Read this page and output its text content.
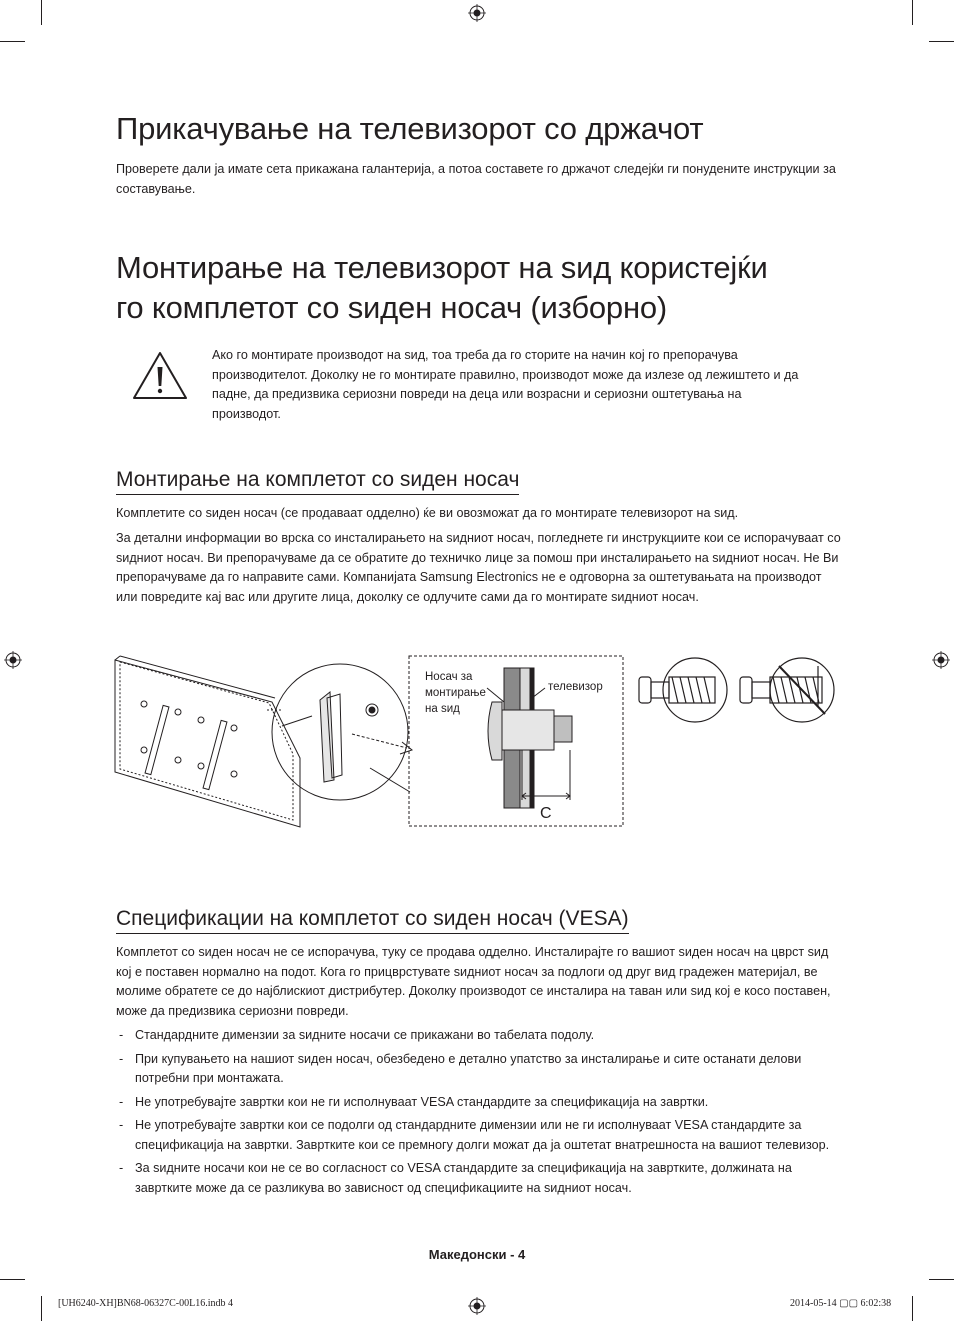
Прикачување на телевизорот со држачот

Проверете дали ја имате сета прикажана галантерија, а потоа составете го држачот следејќи ги понудените инструкции за составување.

Монтирање на телевизорот на ѕид користејќи
го комплетот со ѕиден носач (изборно)

Ако го монтирате производот на ѕид, тоа треба да го сторите на начин кој го препорачува производителот. Доколку не го монтирате правилно, производот може да излезе од лежиштето и да падне, да предизвика сериозни повреди на деца или возрасни и сериозни оштетувања на производот.

Монтирање на комплетот со ѕиден носач

Комплетите со ѕиден носач (се продаваат одделно) ќе ви овозможат да го монтирате телевизорот на ѕид.

За детални информации во врска со инсталирањето на ѕидниот носач, погледнете ги инструкциите кои се испорачуваат со ѕидниот носач. Ви препорачуваме да се обратите до техничко лице за помош при инсталирањето на ѕидниот носач. Не Ви препорачуваме да го направите сами. Компанијата Samsung Electronics не е одговорна за оштетувањата на производот или повредите кај вас или другите лица, доколку се одлучите сами да го монтирате ѕидниот носач.

Носач за
монтирање
на ѕид
телевизор
C
Спецификации на комплетот со ѕиден носач (VESA)

Комплетот со ѕиден носач не се испорачува, туку се продава одделно. Инсталирајте го вашиот ѕиден носач на цврст ѕид кој е поставен нормално на подот. Кога го прицврстувате ѕидниот носач за подлоги од друг вид градежен материјал, ве молиме обратете се до најблискиот дистрибутер. Доколку производот се инсталира на таван или ѕид кој е косо поставен, може да предизвика сериозни повреди.

- Стандардните димензии за ѕидните носачи се прикажани во табелата подолу.
- При купувањето на нашиот ѕиден носач, обезбедено е детално упатство за инсталирање и сите останати делови потребни при монтажата.
- Не употребувајте завртки кои не ги исполнуваат VESA стандардите за спецификација на завртки.
- Не употребувајте завртки кои се подолги од стандардните димензии или не ги исполнуваат VESA стандардите за спецификација на завртки. Завртките кои се премногу долги можат да ја оштетат внатрешноста на вашиот телевизор.
- За ѕидните носачи кои не се во согласност со VESA стандардите за спецификација на завртките, должината на завртките може да се разликува во зависност од спецификациите на ѕидниот носач.
Македонски - 4
[UH6240-XH]BN68-06327C-00L16.indb 4	2014-05-14 ▢▢ 6:02:38
